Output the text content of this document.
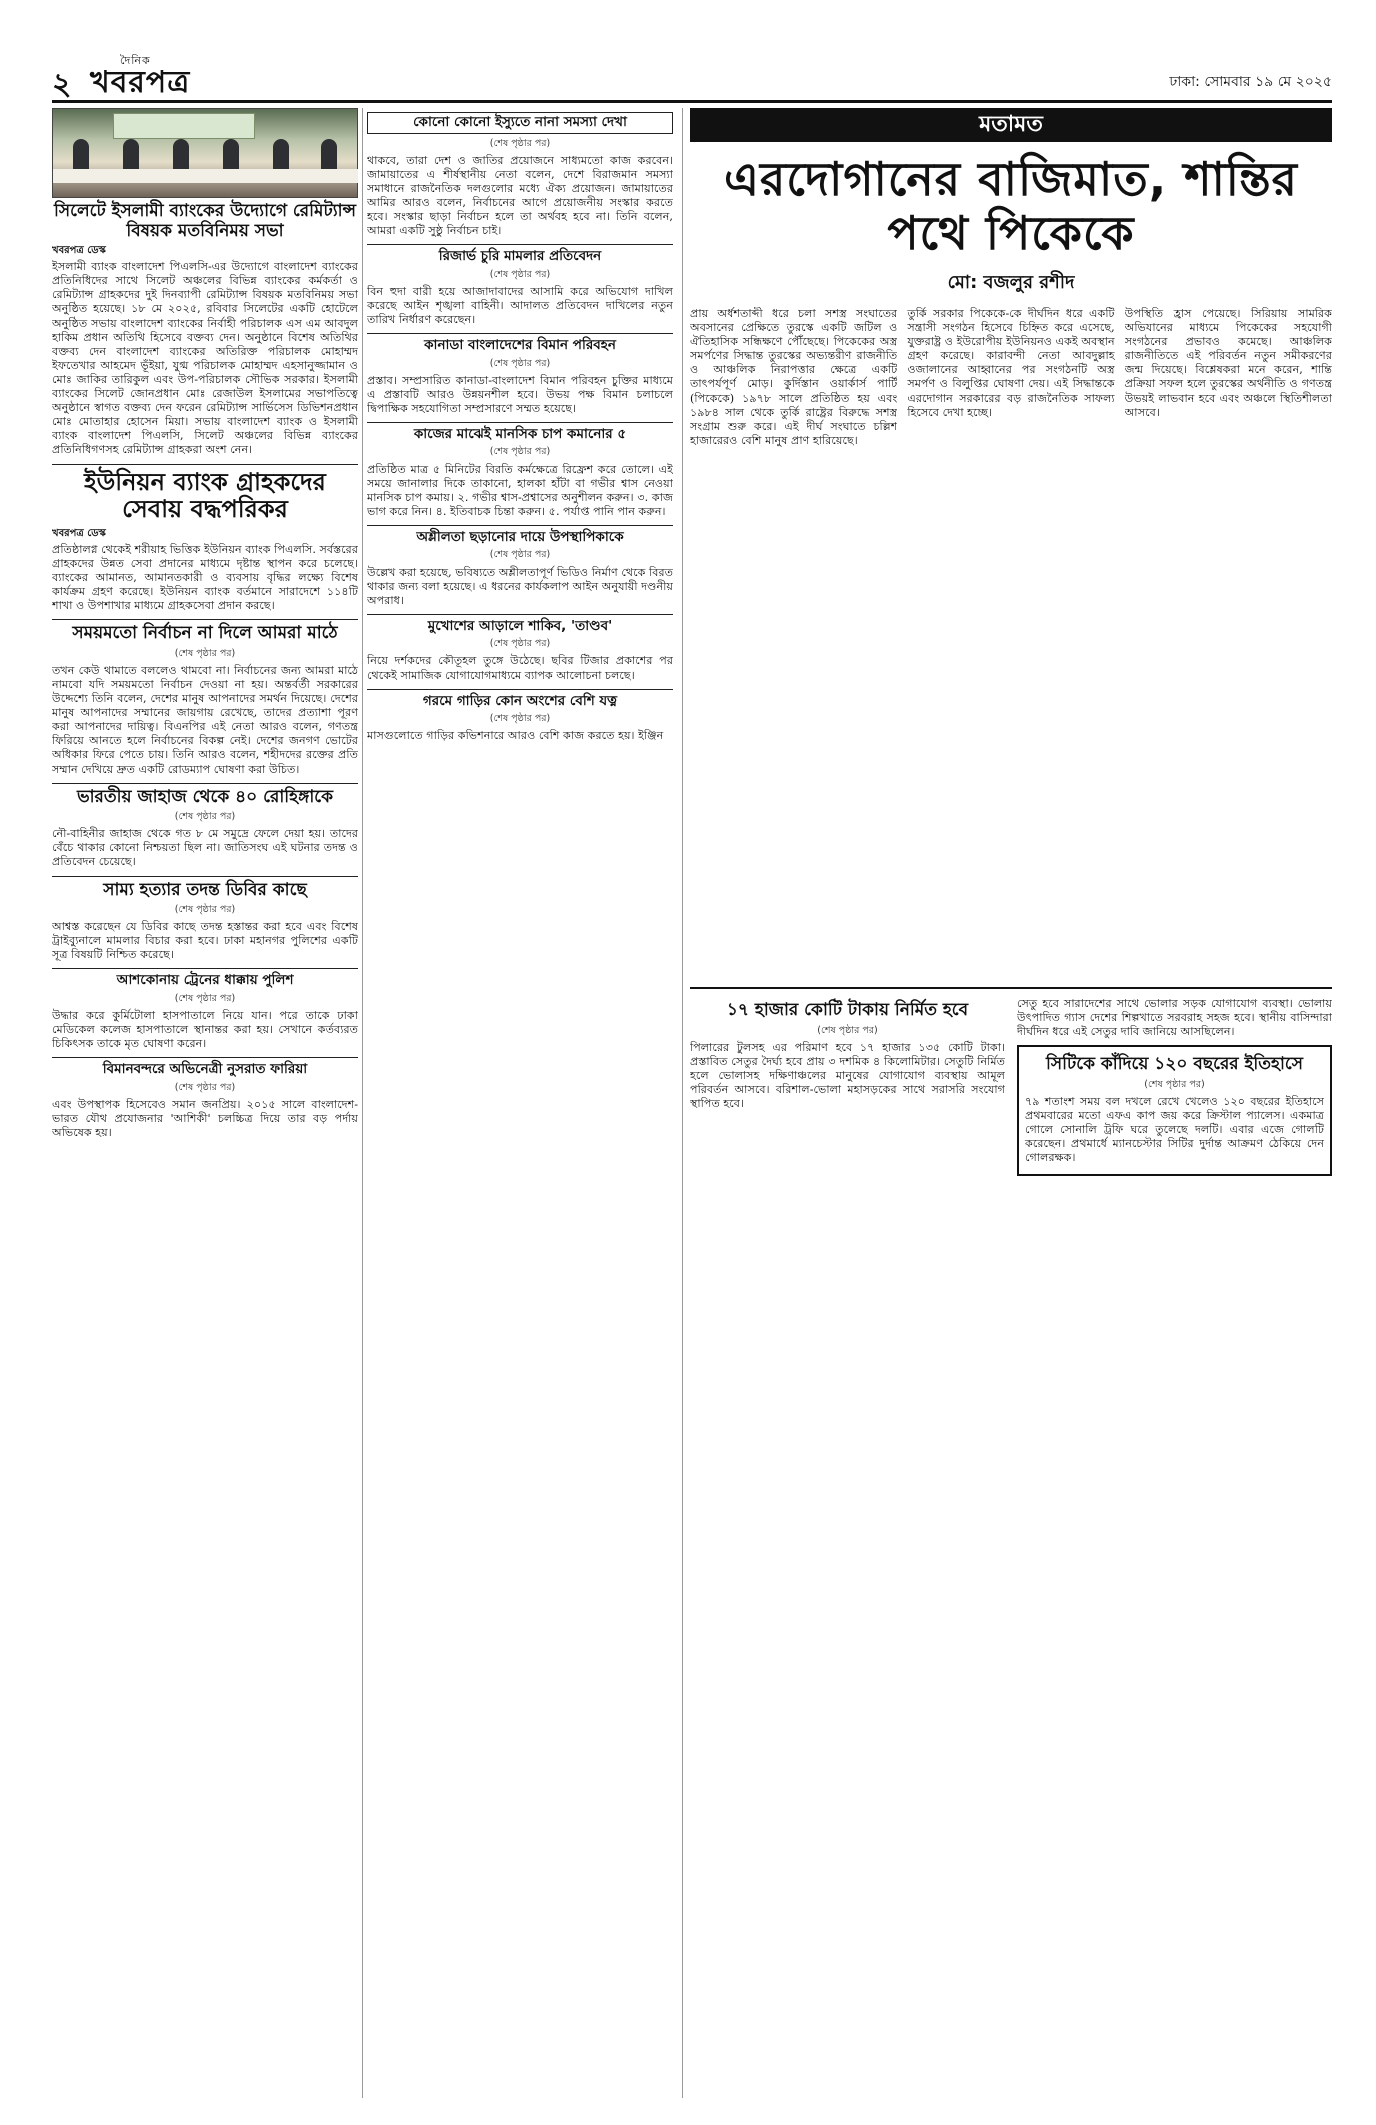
২
দৈনিক
খবরপত্র	ঢাকা: সোমবার ১৯ মে ২০২৫
সিলেটে ইসলামী ব্যাংকের উদ্যোগে রেমিট্যান্স বিষয়ক মতবিনিময় সভা
খবরপত্র ডেস্ক

ইসলামী ব্যাংক বাংলাদেশ পিএলসি-এর উদ্যোগে বাংলাদেশ ব্যাংকের প্রতিনিধিদের সাথে সিলেট অঞ্চলের বিভিন্ন ব্যাংকের কর্মকর্তা ও রেমিট্যান্স গ্রাহকদের দুই দিনব্যাপী রেমিট্যান্স বিষয়ক মতবিনিময় সভা অনুষ্ঠিত হয়েছে। ১৮ মে ২০২৫, রবিবার সিলেটের একটি হোটেলে অনুষ্ঠিত সভায় বাংলাদেশ ব্যাংকের নির্বাহী পরিচালক এস এম আবদুল হাকিম প্রধান অতিথি হিসেবে বক্তব্য দেন। অনুষ্ঠানে বিশেষ অতিথির বক্তব্য দেন বাংলাদেশ ব্যাংকের অতিরিক্ত পরিচালক মোহাম্মদ ইফতেখার আহমেদ ভূঁইয়া, যুগ্ম পরিচালক মোহাম্মদ এহসানুজ্জামান ও মোঃ জাকির তারিকুল এবং উপ-পরিচালক সৌভিক সরকার। ইসলামী ব্যাংকের সিলেট জোনপ্রধান মোঃ রেজাউল ইসলামের সভাপতিত্বে অনুষ্ঠানে স্বাগত বক্তব্য দেন ফরেন রেমিট্যান্স সার্ভিসেস ডিভিশনপ্রধান মোঃ মোতাহার হোসেন মিয়া। সভায় বাংলাদেশ ব্যাংক ও ইসলামী ব্যাংক বাংলাদেশ পিএলসি, সিলেট অঞ্চলের বিভিন্ন ব্যাংকের প্রতিনিধিগণসহ রেমিট্যান্স গ্রাহকরা অংশ নেন।

ইউনিয়ন ব্যাংক গ্রাহকদের সেবায় বদ্ধপরিকর
খবরপত্র ডেস্ক

প্রতিষ্ঠালগ্ন থেকেই শরীয়াহ ভিত্তিক ইউনিয়ন ব্যাংক পিএলসি. সর্বস্তরের গ্রাহকদের উন্নত সেবা প্রদানের মাধ্যমে দৃষ্টান্ত স্থাপন করে চলেছে। ব্যাংকের আমানত, আমানতকারী ও ব্যবসায় বৃদ্ধির লক্ষ্যে বিশেষ কার্যক্রম গ্রহণ করেছে। ইউনিয়ন ব্যাংক বর্তমানে সারাদেশে ১১৪টি শাখা ও উপশাখার মাধ্যমে গ্রাহকসেবা প্রদান করছে।

সময়মতো নির্বাচন না দিলে আমরা মাঠে
(শেষ পৃষ্ঠার পর)

তখন কেউ থামাতে বললেও থামবো না। নির্বাচনের জন্য আমরা মাঠে নামবো যদি সময়মতো নির্বাচন দেওয়া না হয়। অন্তর্বর্তী সরকারের উদ্দেশ্যে তিনি বলেন, দেশের মানুষ আপনাদের সমর্থন দিয়েছে। দেশের মানুষ আপনাদের সম্মানের জায়গায় রেখেছে, তাদের প্রত্যাশা পূরণ করা আপনাদের দায়িত্ব। বিএনপির এই নেতা আরও বলেন, গণতন্ত্র ফিরিয়ে আনতে হলে নির্বাচনের বিকল্প নেই। দেশের জনগণ ভোটের অধিকার ফিরে পেতে চায়। তিনি আরও বলেন, শহীদদের রক্তের প্রতি সম্মান দেখিয়ে দ্রুত একটি রোডম্যাপ ঘোষণা করা উচিত।

ভারতীয় জাহাজ থেকে ৪০ রোহিঙ্গাকে
(শেষ পৃষ্ঠার পর)

নৌ-বাহিনীর জাহাজ থেকে গত ৮ মে সমুদ্রে ফেলে দেয়া হয়। তাদের বেঁচে থাকার কোনো নিশ্চয়তা ছিল না। জাতিসংঘ এই ঘটনার তদন্ত ও প্রতিবেদন চেয়েছে।

সাম্য হত্যার তদন্ত ডিবির কাছে
(শেষ পৃষ্ঠার পর)

আশ্বস্ত করেছেন যে ডিবির কাছে তদন্ত হস্তান্তর করা হবে এবং বিশেষ ট্রাইব্যুনালে মামলার বিচার করা হবে। ঢাকা মহানগর পুলিশের একটি সূত্র বিষয়টি নিশ্চিত করেছে।

আশকোনায় ট্রেনের ধাক্কায় পুলিশ
(শেষ পৃষ্ঠার পর)

উদ্ধার করে কুর্মিটোলা হাসপাতালে নিয়ে যান। পরে তাকে ঢাকা মেডিকেল কলেজ হাসপাতালে স্থানান্তর করা হয়। সেখানে কর্তব্যরত চিকিৎসক তাকে মৃত ঘোষণা করেন।

বিমানবন্দরে অভিনেত্রী নুসরাত ফারিয়া
(শেষ পৃষ্ঠার পর)

এবং উপস্থাপক হিসেবেও সমান জনপ্রিয়। ২০১৫ সালে বাংলাদেশ-ভারত যৌথ প্রযোজনার 'আশিকী' চলচ্চিত্র দিয়ে তার বড় পর্দায় অভিষেক হয়।

কোনো কোনো ইস্যুতে নানা সমস্যা দেখা
(শেষ পৃষ্ঠার পর)

থাকবে, তারা দেশ ও জাতির প্রয়োজনে সাধ্যমতো কাজ করবেন। জামায়াতের এ শীর্ষস্থানীয় নেতা বলেন, দেশে বিরাজমান সমস্যা সমাধানে রাজনৈতিক দলগুলোর মধ্যে ঐক্য প্রয়োজন। জামায়াতের আমির আরও বলেন, নির্বাচনের আগে প্রয়োজনীয় সংস্কার করতে হবে। সংস্কার ছাড়া নির্বাচন হলে তা অর্থবহ হবে না। তিনি বলেন, আমরা একটি সুষ্ঠু নির্বাচন চাই।

রিজার্ভ চুরি মামলার প্রতিবেদন
(শেষ পৃষ্ঠার পর)

বিন হুদা বারী হয়ে আজাদাবাদের আসামি করে অভিযোগ দাখিল করেছে আইন শৃঙ্খলা বাহিনী। আদালত প্রতিবেদন দাখিলের নতুন তারিখ নির্ধারণ করেছেন।

কানাডা বাংলাদেশের বিমান পরিবহন
(শেষ পৃষ্ঠার পর)

প্রস্তাব। সম্প্রসারিত কানাডা-বাংলাদেশ বিমান পরিবহন চুক্তির মাধ্যমে এ প্রস্তাবটি আরও উন্নয়নশীল হবে। উভয় পক্ষ বিমান চলাচলে দ্বিপাক্ষিক সহযোগিতা সম্প্রসারণে সম্মত হয়েছে।

কাজের মাঝেই মানসিক চাপ কমানোর ৫
(শেষ পৃষ্ঠার পর)

প্রতিষ্ঠিত মাত্র ৫ মিনিটের বিরতি কর্মক্ষেত্রে রিফ্রেশ করে তোলে। এই সময়ে জানালার দিকে তাকানো, হালকা হাঁটা বা গভীর শ্বাস নেওয়া মানসিক চাপ কমায়। ২. গভীর শ্বাস-প্রশ্বাসের অনুশীলন করুন। ৩. কাজ ভাগ করে নিন। ৪. ইতিবাচক চিন্তা করুন। ৫. পর্যাপ্ত পানি পান করুন।

অশ্লীলতা ছড়ানোর দায়ে উপস্থাপিকাকে
(শেষ পৃষ্ঠার পর)

উল্লেখ করা হয়েছে, ভবিষ্যতে অশ্লীলতাপূর্ণ ভিডিও নির্মাণ থেকে বিরত থাকার জন্য বলা হয়েছে। এ ধরনের কার্যকলাপ আইন অনুযায়ী দণ্ডনীয় অপরাধ।

মুখোশের আড়ালে শাকিব, 'তাণ্ডব'
(শেষ পৃষ্ঠার পর)

নিয়ে দর্শকদের কৌতূহল তুঙ্গে উঠেছে। ছবির টিজার প্রকাশের পর থেকেই সামাজিক যোগাযোগমাধ্যমে ব্যাপক আলোচনা চলছে।

গরমে গাড়ির কোন অংশের বেশি যত্ন
(শেষ পৃষ্ঠার পর)

মাসগুলোতে গাড়ির কভিশনারে আরও বেশি কাজ করতে হয়। ইঞ্জিন

মতামত
এরদোগানের বাজিমাত, শান্তির পথে পিকেকে
মো: বজলুর রশীদ
প্রায় অর্ধশতাব্দী ধরে চলা সশস্ত্র সংঘাতের অবসানের প্রেক্ষিতে তুরস্কে একটি জটিল ও ঐতিহাসিক সন্ধিক্ষণে পৌঁছেছে। পিকেকের অস্ত্র সমর্পণের সিদ্ধান্ত তুরস্কের অভ্যন্তরীণ রাজনীতি ও আঞ্চলিক নিরাপত্তার ক্ষেত্রে একটি তাৎপর্যপূর্ণ মোড়। কুর্দিস্তান ওয়ার্কার্স পার্টি (পিকেকে) ১৯৭৮ সালে প্রতিষ্ঠিত হয় এবং ১৯৮৪ সাল থেকে তুর্কি রাষ্ট্রের বিরুদ্ধে সশস্ত্র সংগ্রাম শুরু করে। এই দীর্ঘ সংঘাতে চল্লিশ হাজারেরও বেশি মানুষ প্রাণ হারিয়েছে।
তুর্কি সরকার পিকেকে-কে দীর্ঘদিন ধরে একটি সন্ত্রাসী সংগঠন হিসেবে চিহ্নিত করে এসেছে, যুক্তরাষ্ট্র ও ইউরোপীয় ইউনিয়নও একই অবস্থান গ্রহণ করেছে। কারাবন্দী নেতা আবদুল্লাহ ওজালানের আহ্বানের পর সংগঠনটি অস্ত্র সমর্পণ ও বিলুপ্তির ঘোষণা দেয়। এই সিদ্ধান্তকে এরদোগান সরকারের বড় রাজনৈতিক সাফল্য হিসেবে দেখা হচ্ছে।
উপস্থিতি হ্রাস পেয়েছে। সিরিয়ায় সামরিক অভিযানের মাধ্যমে পিকেকের সহযোগী সংগঠনের প্রভাবও কমেছে। আঞ্চলিক রাজনীতিতে এই পরিবর্তন নতুন সমীকরণের জন্ম দিয়েছে। বিশ্লেষকরা মনে করেন, শান্তি প্রক্রিয়া সফল হলে তুরস্কের অর্থনীতি ও গণতন্ত্র উভয়ই লাভবান হবে এবং অঞ্চলে স্থিতিশীলতা আসবে।
১৭ হাজার কোটি টাকায় নির্মিত হবে
(শেষ পৃষ্ঠার পর)

পিলারের টুলসহ এর পরিমাণ হবে ১৭ হাজার ১৩৫ কোটি টাকা। প্রস্তাবিত সেতুর দৈর্ঘ্য হবে প্রায় ৩ দশমিক ৪ কিলোমিটার। সেতুটি নির্মিত হলে ভোলাসহ দক্ষিণাঞ্চলের মানুষের যোগাযোগ ব্যবস্থায় আমূল পরিবর্তন আসবে। বরিশাল-ভোলা মহাসড়কের সাথে সরাসরি সংযোগ স্থাপিত হবে।

সেতু হবে সারাদেশের সাথে ভোলার সড়ক যোগাযোগ ব্যবস্থা। ভোলায় উৎপাদিত গ্যাস দেশের শিল্পখাতে সরবরাহ সহজ হবে। স্থানীয় বাসিন্দারা দীর্ঘদিন ধরে এই সেতুর দাবি জানিয়ে আসছিলেন।

সিটিকে কাঁদিয়ে ১২০ বছরের ইতিহাসে
(শেষ পৃষ্ঠার পর)

৭৯ শতাংশ সময় বল দখলে রেখে খেলেও ১২০ বছরের ইতিহাসে প্রথমবারের মতো এফএ কাপ জয় করে ক্রিস্টাল প্যালেস। একমাত্র গোলে সোনালি ট্রফি ঘরে তুলেছে দলটি। এবার এজে গোলটি করেছেন। প্রথমার্ধে ম্যানচেস্টার সিটির দুর্দান্ত আক্রমণ ঠেকিয়ে দেন গোলরক্ষক।
